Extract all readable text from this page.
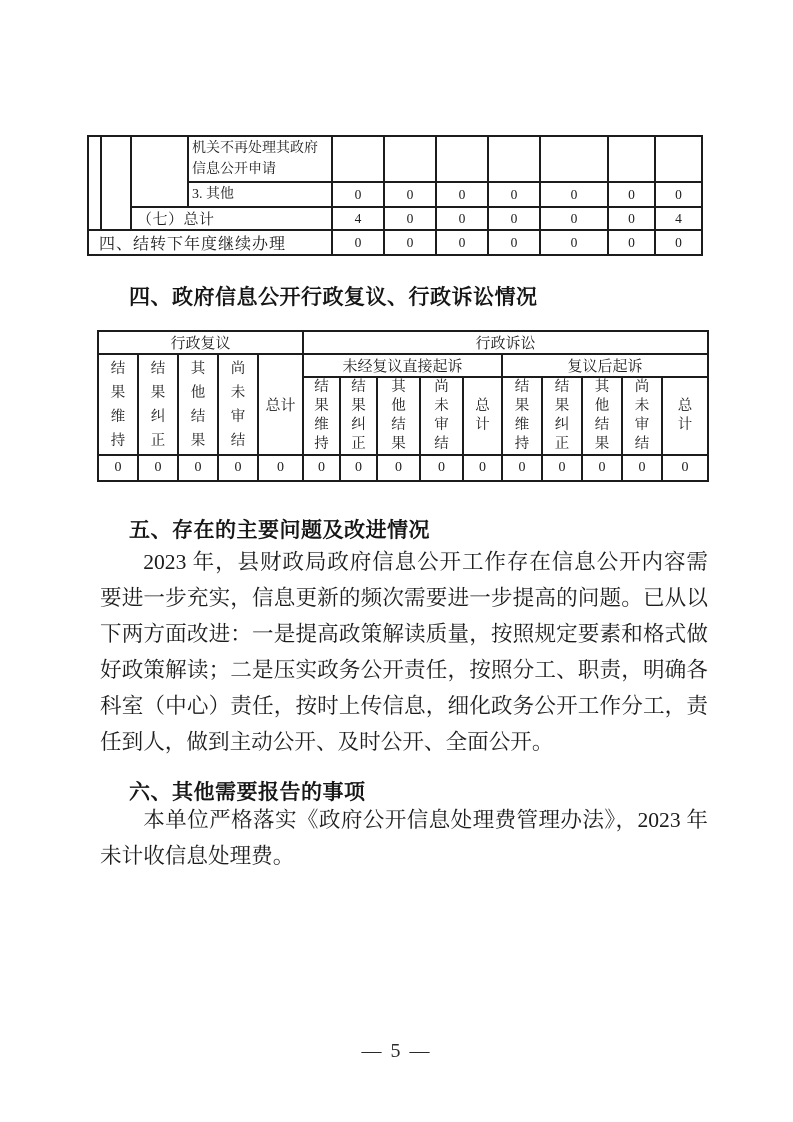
			机关不再处理其政府信息公开申请							
			3. 其他	0	0	0	0	0	0	0
		（七）总计		4	0	0	0	0	0	4
四、结转下年度继续办理				0	0	0	0	0	0	0
四、政府信息公开行政复议、行政诉讼情况
行政复议					行政诉讼									
结果维持	结果纠正	其他结果	尚未审结	总计	未经复议直接起诉					复议后起诉				
					结果维持	结果纠正	其他结果	尚未审结	总计	结果维持	结果纠正	其他结果	尚未审结	总计
0	0	0	0	0	0	0	0	0	0	0	0	0	0	0
五、存在的主要问题及改进情况
2023 年，县财政局政府信息公开工作存在信息公开内容需要进一步充实，信息更新的频次需要进一步提高的问题。已从以下两方面改进：一是提高政策解读质量，按照规定要素和格式做好政策解读；二是压实政务公开责任，按照分工、职责，明确各科室（中心）责任，按时上传信息，细化政务公开工作分工，责任到人，做到主动公开、及时公开、全面公开。
六、其他需要报告的事项
本单位严格落实《政府公开信息处理费管理办法》，2023 年未计收信息处理费。
— 5 —
